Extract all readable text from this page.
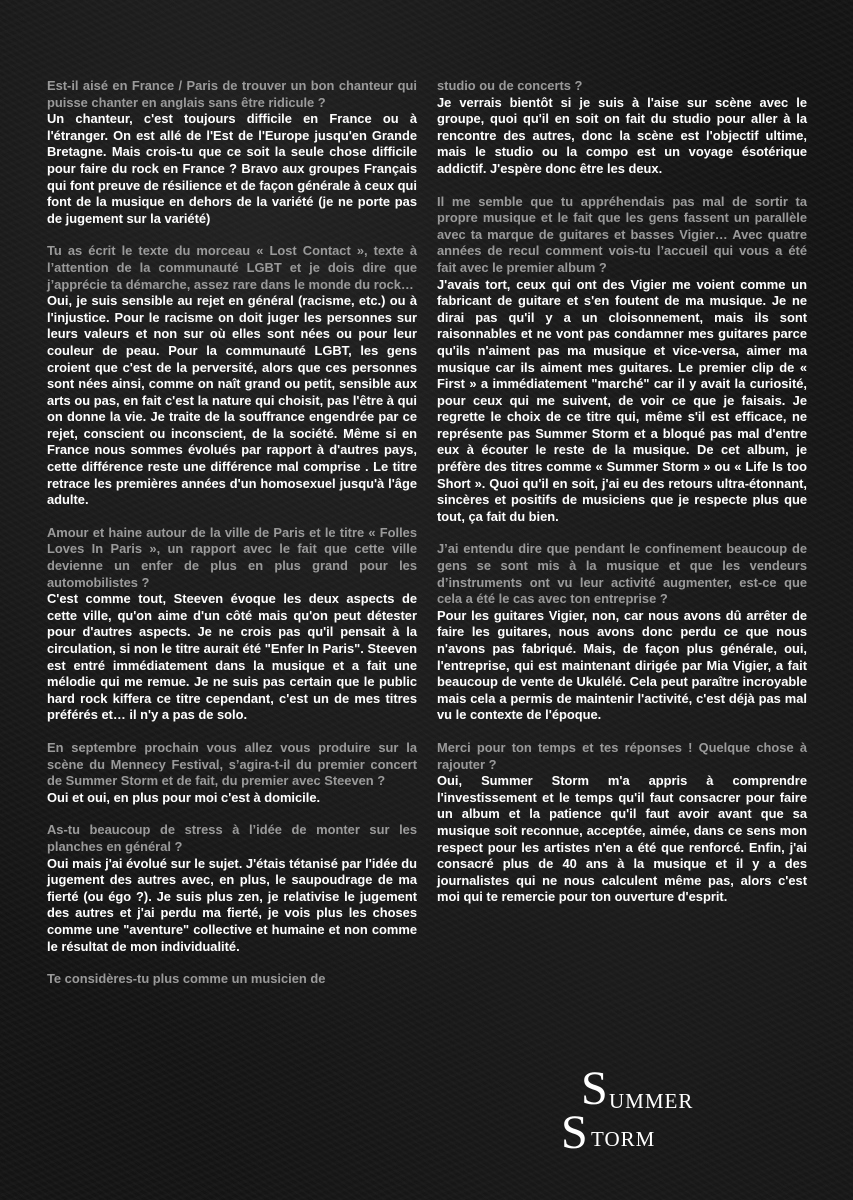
Est-il aisé en France / Paris de trouver un bon chanteur qui puisse chanter en anglais sans être ridicule ?

Un chanteur, c'est toujours difficile en France ou à l'étranger. On est allé de l'Est de l'Europe jusqu'en Grande Bretagne. Mais crois-tu que ce soit la seule chose difficile pour faire du rock en France ? Bravo aux groupes Français qui font preuve de résilience et de façon générale à ceux qui font de la musique en dehors de la variété (je ne porte pas de jugement sur la variété)

Tu as écrit le texte du morceau « Lost Contact », texte à l’attention de la communauté LGBT et je dois dire que j’apprécie ta démarche, assez rare dans le monde du rock…

Oui, je suis sensible au rejet en général (racisme, etc.) ou à l'injustice. Pour le racisme on doit juger les personnes sur leurs valeurs et non sur où elles sont nées ou pour leur couleur de peau. Pour la communauté LGBT, les gens croient que c'est de la perversité, alors que ces personnes sont nées ainsi, comme on naît grand ou petit, sensible aux arts ou pas, en fait c'est la nature qui choisit, pas l'être à qui on donne la vie. Je traite de la souffrance engendrée par ce rejet, conscient ou inconscient, de la société. Même si en France nous sommes évolués par rapport à d'autres pays, cette différence reste une différence mal comprise . Le titre retrace les premières années d'un homosexuel jusqu'à l'âge adulte.

Amour et haine autour de la ville de Paris et le titre « Folles Loves In Paris », un rapport avec le fait que cette ville devienne un enfer de plus en plus grand pour les automobilistes ?

C'est comme tout, Steeven évoque les deux aspects de cette ville, qu'on aime d'un côté mais qu'on peut détester pour d'autres aspects. Je ne crois pas qu'il pensait à la circulation, si non le titre aurait été "Enfer In Paris". Steeven est entré immédiatement dans la musique et a fait une mélodie qui me remue. Je ne suis pas certain que le public hard rock kiffera ce titre cependant, c'est un de mes titres préférés et… il n'y a pas de solo.

En septembre prochain vous allez vous produire sur la scène du Mennecy Festival, s’agira-t-il du premier concert de Summer Storm et de fait, du premier avec Steeven ?

Oui et oui, en plus pour moi c'est à domicile.

As-tu beaucoup de stress à l’idée de monter sur les planches en général ?

Oui mais j'ai évolué sur le sujet. J'étais tétanisé par l'idée du jugement des autres avec, en plus, le saupoudrage de ma fierté (ou égo ?). Je suis plus zen, je relativise le jugement des autres et j'ai perdu ma fierté, je vois plus les choses comme une "aventure" collective et humaine et non comme le résultat de mon individualité.

Te considères-tu plus comme un musicien de

studio ou de concerts ?

Je verrais bientôt si je suis à l'aise sur scène avec le groupe, quoi qu'il en soit on fait du studio pour aller à la rencontre des autres, donc la scène est l'objectif ultime, mais le studio ou la compo est un voyage ésotérique addictif. J'espère donc être les deux.

Il me semble que tu appréhendais pas mal de sortir ta propre musique et le fait que les gens fassent un parallèle avec ta marque de guitares et basses Vigier… Avec quatre années de recul comment vois-tu l’accueil qui vous a été fait avec le premier album ?

J'avais tort, ceux qui ont des Vigier me voient comme un fabricant de guitare et s'en foutent de ma musique. Je ne dirai pas qu'il y a un cloisonnement, mais ils sont raisonnables et ne vont pas condamner mes guitares parce qu'ils n'aiment pas ma musique et vice-versa, aimer ma musique car ils aiment mes guitares. Le premier clip de « First » a immédiatement "marché" car il y avait la curiosité, pour ceux qui me suivent, de voir ce que je faisais. Je regrette le choix de ce titre qui, même s'il est efficace, ne représente pas Summer Storm et a bloqué pas mal d'entre eux à écouter le reste de la musique. De cet album, je préfère des titres comme « Summer Storm » ou « Life Is too Short ». Quoi qu'il en soit, j'ai eu des retours ultra-étonnant, sincères et positifs de musiciens que je respecte plus que tout, ça fait du bien.

J’ai entendu dire que pendant le confinement beaucoup de gens se sont mis à la musique et que les vendeurs d’instruments ont vu leur activité augmenter, est-ce que cela a été le cas avec ton entreprise ?

Pour les guitares Vigier, non, car nous avons dû arrêter de faire les guitares, nous avons donc perdu ce que nous n'avons pas fabriqué. Mais, de façon plus générale, oui, l'entreprise, qui est maintenant dirigée par Mia Vigier, a fait beaucoup de vente de Ukulélé. Cela peut paraître incroyable mais cela a permis de maintenir l'activité, c'est déjà pas mal vu le contexte de l'époque.

Merci pour ton temps et tes réponses ! Quelque chose à rajouter ?

Oui, Summer Storm m'a appris à comprendre l'investissement et le temps qu'il faut consacrer pour faire un album et la patience qu'il faut avoir avant que sa musique soit reconnue, acceptée, aimée, dans ce sens mon respect pour les artistes n'en a été que renforcé. Enfin, j'ai consacré plus de 40 ans à la musique et il y a des journalistes qui ne nous calculent même pas, alors c'est moi qui te remercie pour ton ouverture d'esprit.

S
S
UMMER
TORM
